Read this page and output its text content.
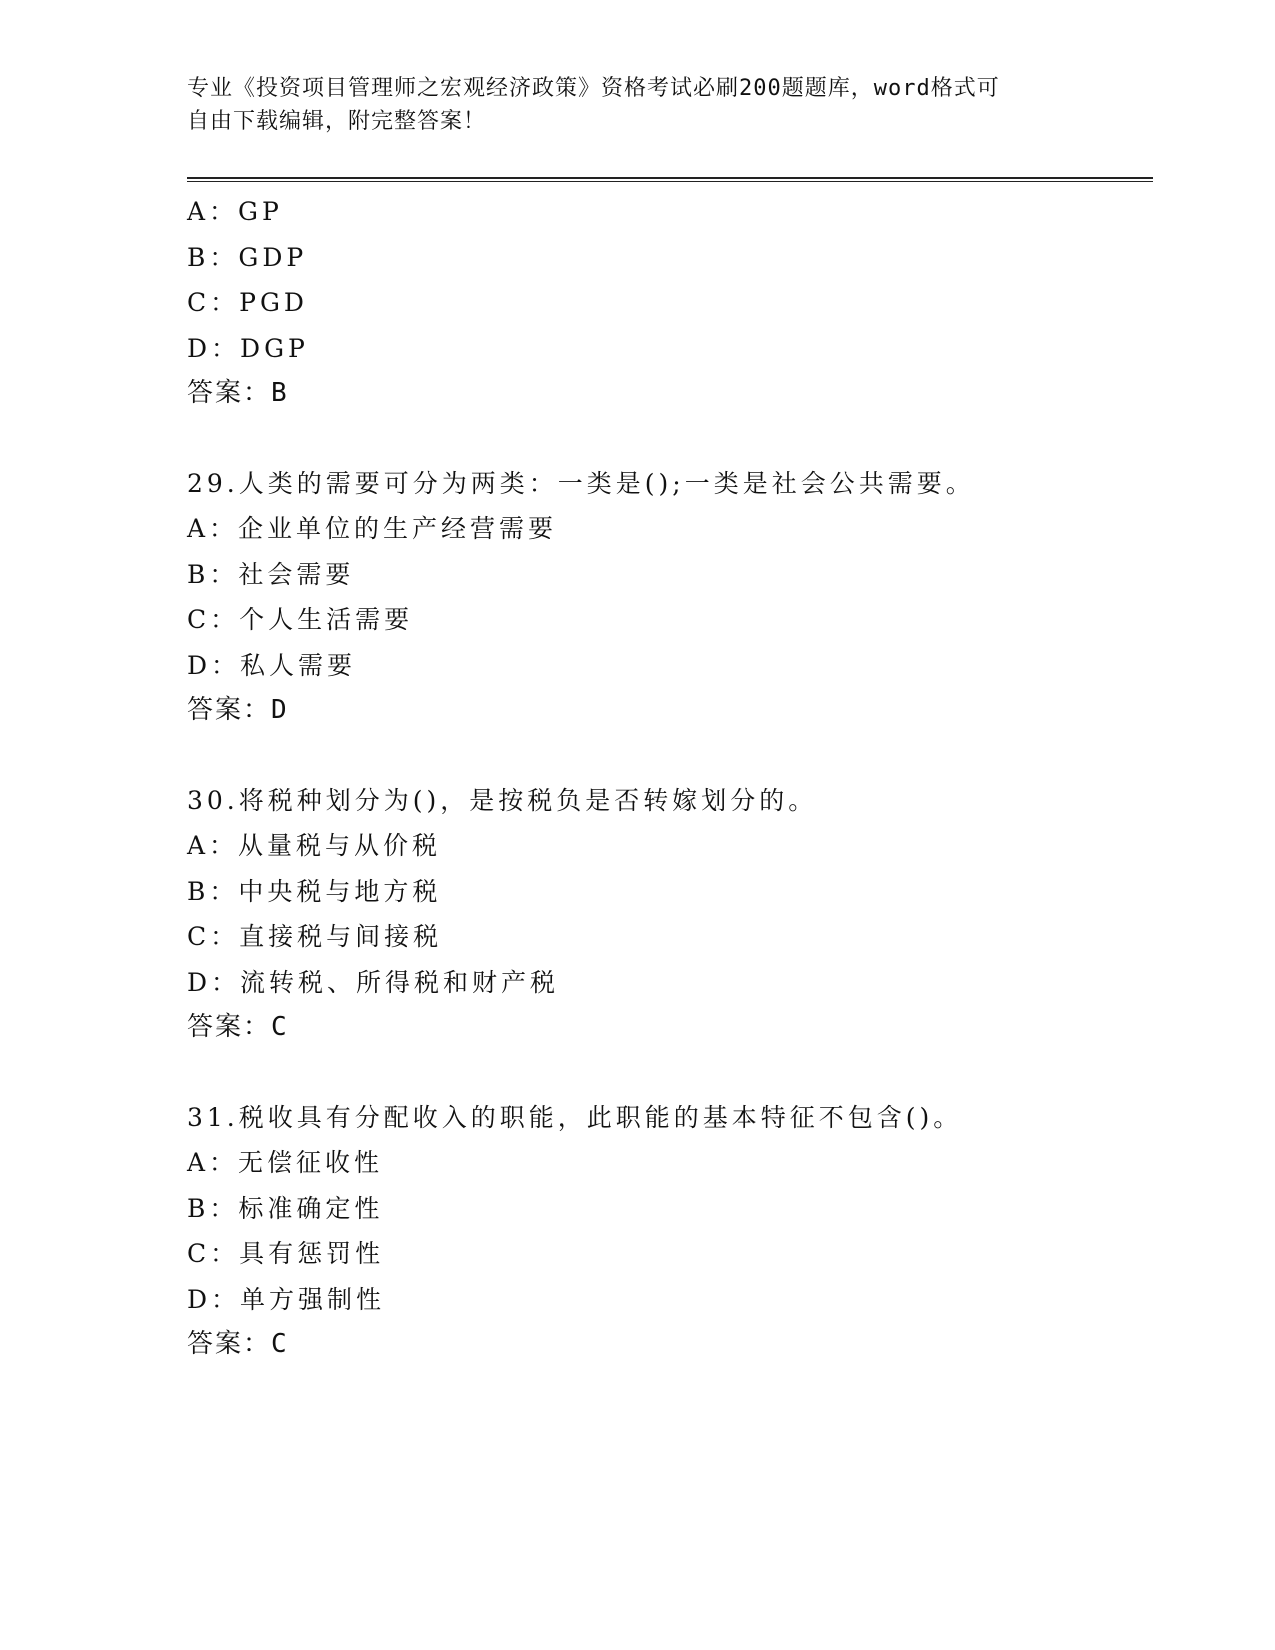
专业《投资项目管理师之宏观经济政策》资格考试必刷200题题库，word格式可
自由下载编辑，附完整答案！
A：GP
B：GDP
C：PGD
D：DGP
答案：B
29.人类的需要可分为两类：一类是();一类是社会公共需要。
A：企业单位的生产经营需要
B：社会需要
C：个人生活需要
D：私人需要
答案：D
30.将税种划分为()，是按税负是否转嫁划分的。
A：从量税与从价税
B：中央税与地方税
C：直接税与间接税
D：流转税、所得税和财产税
答案：C
31.税收具有分配收入的职能，此职能的基本特征不包含()。
A：无偿征收性
B：标准确定性
C：具有惩罚性
D：单方强制性
答案：C
